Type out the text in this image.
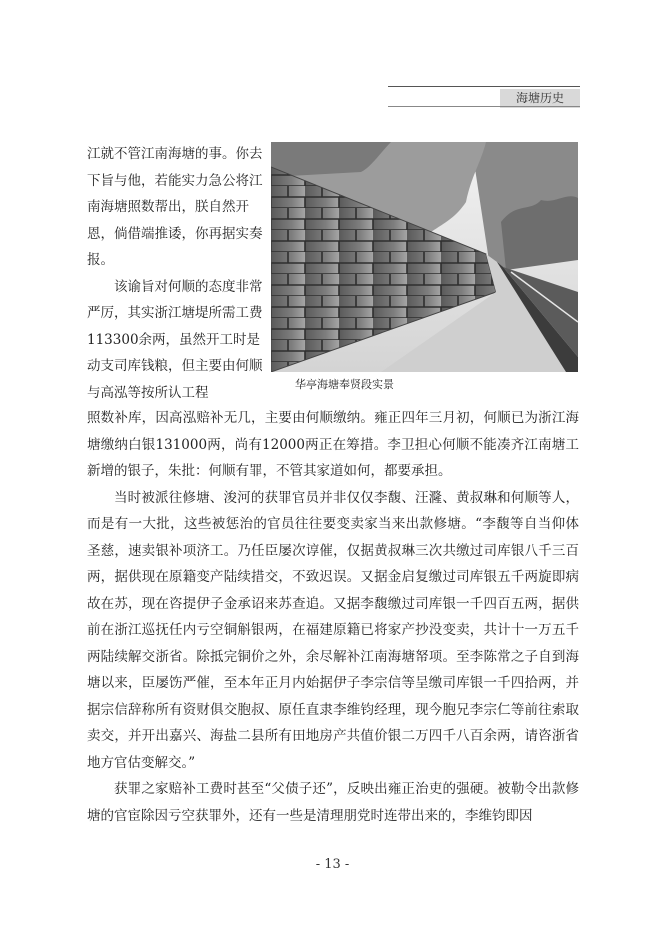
海塘历史

江就不管江南海塘的事。你去下旨与他，若能实力急公将江南海塘照数帮出，朕自然开恩，倘借端推诿，你再据实奏报。

该谕旨对何顺的态度非常严厉，其实浙江塘堤所需工费113300余两，虽然开工时是动支司库钱粮，但主要由何顺与高泓等按所认工程	华亭海塘奉贤段实景

照数补库，因高泓赔补无几，主要由何顺缴纳。雍正四年三月初，何顺已为浙江海塘缴纳白银131000两，尚有12000两正在筹措。李卫担心何顺不能凑齐江南塘工新增的银子，朱批：何顺有罪，不管其家道如何，都要承担。

当时被派往修塘、浚河的获罪官员并非仅仅李馥、汪漋、黄叔琳和何顺等人，而是有一大批，这些被惩治的官员往往要变卖家当来出款修塘。“李馥等自当仰体圣慈，速卖银补项济工。乃任臣屡次谆催，仅据黄叔琳三次共缴过司库银八千三百两，据供现在原籍变产陆续措交，不致迟误。又据金启复缴过司库银五千两旋即病故在苏，现在咨提伊子金承诏来苏查追。又据李馥缴过司库银一千四百五两，据供前在浙江巡抚任内亏空铜斛银两，在福建原籍已将家产抄没变卖，共计十一万五千两陆续解交浙省。除抵完铜价之外，余尽解补江南海塘帑项。至李陈常之子自到海塘以来，臣屡饬严催，至本年正月内始据伊子李宗信等呈缴司库银一千四拾两，并据宗信辞称所有资财俱交胞叔、原任直隶李维钧经理，现今胞兄李宗仁等前往索取卖交，并开出嘉兴、海盐二县所有田地房产共值价银二万四千八百余两，请咨浙省地方官估变解交。”

获罪之家赔补工费时甚至“父债子还”，反映出雍正治吏的强硬。被勒令出款修塘的官宦除因亏空获罪外，还有一些是清理朋党时连带出来的，李维钧即因

- 13 -
